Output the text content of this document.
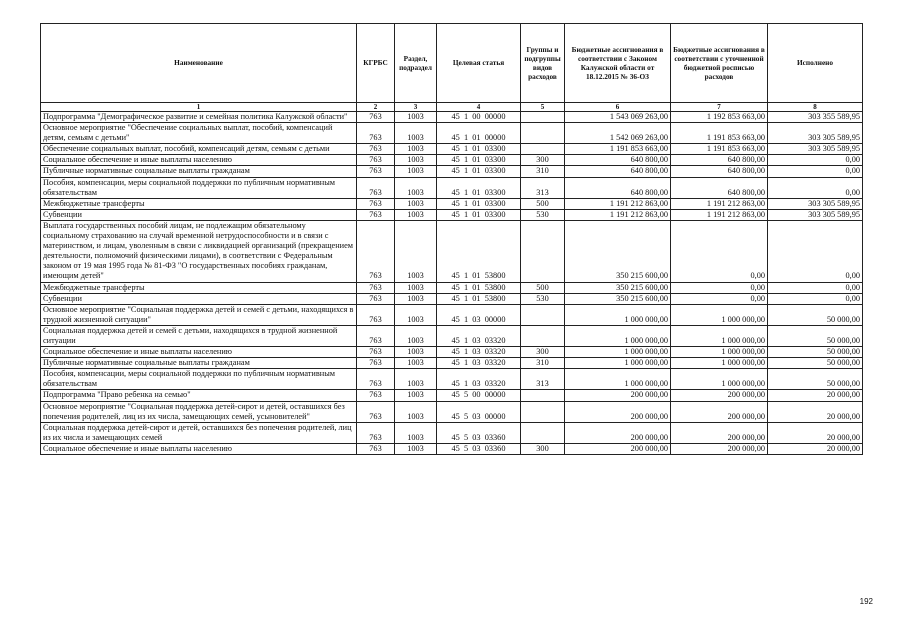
Наименование	КГРБС	Раздел, подраздел	Целевая статья	Группы и подгруппы видов расходов	Бюджетные ассигнования в соответствии с Законом Калужской области от 18.12.2015 № 36-ОЗ	Бюджетные ассигнования в соответствии с уточненной бюджетной росписью расходов	Исполнено
1	2	3	4	5	6	7	8
Подпрограмма "Демографическое развитие и семейная политика Калужской области"	763	1003	45  1  00  00000		1 543 069 263,00	1 192 853 663,00	303 355 589,95
Основное мероприятие "Обеспечение социальных выплат, пособий, компенсаций детям, семьям с детьми"	763	1003	45  1  01  00000		1 542 069 263,00	1 191 853 663,00	303 305 589,95
Обеспечение социальных выплат, пособий, компенсаций детям, семьям с детьми	763	1003	45  1  01  03300		1 191 853 663,00	1 191 853 663,00	303 305 589,95
Социальное обеспечение и иные выплаты населению	763	1003	45  1  01  03300	300	640 800,00	640 800,00	0,00
Публичные нормативные социальные выплаты гражданам	763	1003	45  1  01  03300	310	640 800,00	640 800,00	0,00
Пособия, компенсации, меры социальной поддержки по публичным нормативным обязательствам	763	1003	45  1  01  03300	313	640 800,00	640 800,00	0,00
Межбюджетные трансферты	763	1003	45  1  01  03300	500	1 191 212 863,00	1 191 212 863,00	303 305 589,95
Субвенции	763	1003	45  1  01  03300	530	1 191 212 863,00	1 191 212 863,00	303 305 589,95
Выплата государственных пособий лицам, не подлежащим обязательному социальному страхованию на случай временной нетрудоспособности и в связи с материнством, и лицам, уволенным в связи с ликвидацией организаций (прекращением деятельности, полномочий физическими лицами), в соответствии с Федеральным законом от 19 мая 1995 года № 81-ФЗ "О государственных пособиях гражданам, имеющим детей"	763	1003	45  1  01  53800		350 215 600,00	0,00	0,00
Межбюджетные трансферты	763	1003	45  1  01  53800	500	350 215 600,00	0,00	0,00
Субвенции	763	1003	45  1  01  53800	530	350 215 600,00	0,00	0,00
Основное мероприятие "Социальная поддержка детей и семей с детьми, находящихся в трудной жизненной ситуации"	763	1003	45  1  03  00000		1 000 000,00	1 000 000,00	50 000,00
Социальная поддержка детей и семей с детьми, находящихся в трудной жизненной ситуации	763	1003	45  1  03  03320		1 000 000,00	1 000 000,00	50 000,00
Социальное обеспечение и иные выплаты населению	763	1003	45  1  03  03320	300	1 000 000,00	1 000 000,00	50 000,00
Публичные нормативные социальные выплаты гражданам	763	1003	45  1  03  03320	310	1 000 000,00	1 000 000,00	50 000,00
Пособия, компенсации, меры социальной поддержки по публичным нормативным обязательствам	763	1003	45  1  03  03320	313	1 000 000,00	1 000 000,00	50 000,00
Подпрограмма "Право ребенка на семью"	763	1003	45  5  00  00000		200 000,00	200 000,00	20 000,00
Основное мероприятие "Социальная поддержка детей-сирот и детей, оставшихся без попечения родителей, лиц из их числа, замещающих семей, усыновителей"	763	1003	45  5  03  00000		200 000,00	200 000,00	20 000,00
Социальная поддержка детей-сирот и детей, оставшихся без попечения родителей, лиц из их числа и замещающих семей	763	1003	45  5  03  03360		200 000,00	200 000,00	20 000,00
Социальное обеспечение и иные выплаты населению	763	1003	45  5  03  03360	300	200 000,00	200 000,00	20 000,00
192
